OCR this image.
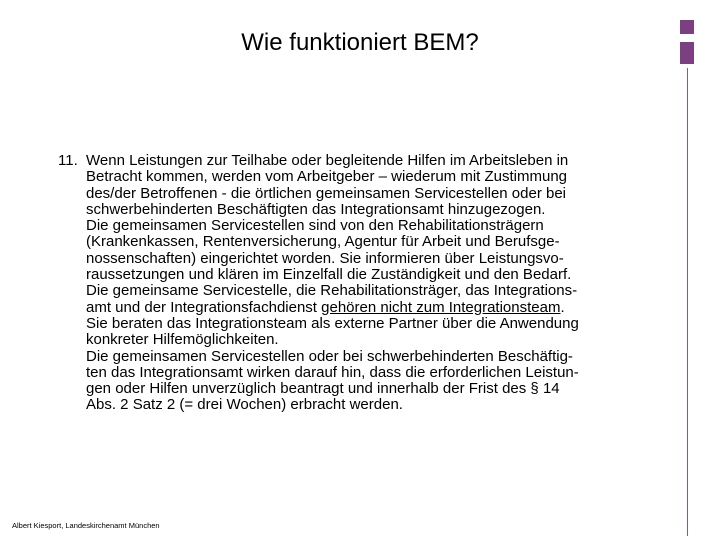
Wie funktioniert BEM?
11. Wenn Leistungen zur Teilhabe oder begleitende Hilfen im Arbeitsleben in
Betracht kommen, werden vom Arbeitgeber – wiederum mit Zustimmung
des/der Betroffenen - die örtlichen gemeinsamen Servicestellen oder bei
schwerbehinderten Beschäftigten das Integrationsamt hinzugezogen.
Die gemeinsamen Servicestellen sind von den Rehabilitationsträgern
(Krankenkassen, Rentenversicherung, Agentur für Arbeit und Berufsge-
nossenschaften) eingerichtet worden. Sie informieren über Leistungsvo-
raussetzungen und klären im Einzelfall die Zuständigkeit und den Bedarf.
Die gemeinsame Servicestelle, die Rehabilitationsträger, das Integrations-
amt und der Integrationsfachdienst gehören nicht zum Integrationsteam.
Sie beraten das Integrationsteam als externe Partner über die Anwendung
konkreter Hilfemöglichkeiten.
Die gemeinsamen Servicestellen oder bei schwerbehinderten Beschäftig-
ten das Integrationsamt wirken darauf hin, dass die erforderlichen Leistun-
gen oder Hilfen unverzüglich beantragt und innerhalb der Frist des § 14
Abs. 2 Satz 2 (= drei Wochen) erbracht werden.
Albert Kiesport, Landeskirchenamt München
